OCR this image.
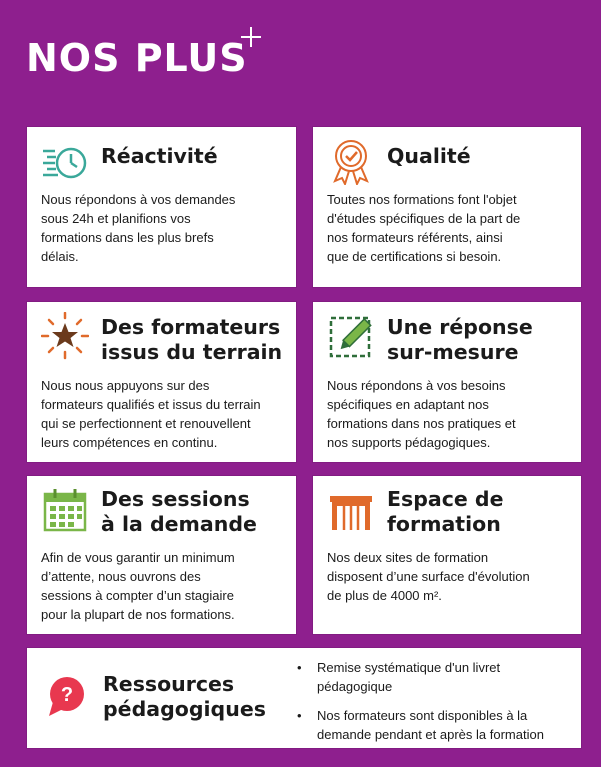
NOS PLUS
Réactivité
Nous répondons à vos demandes
sous 24h et planifions vos
formations dans les plus brefs
délais.
Qualité
Toutes nos formations font l'objet
d'études spécifiques de la part de
nos formateurs référents, ainsi
que de certifications si besoin.
Des formateurs
issus du terrain
Nous nous appuyons sur des
formateurs qualifiés et issus du terrain
qui se perfectionnent et renouvellent
leurs compétences en continu.
Une réponse
sur-mesure
Nous répondons à vos besoins
spécifiques en adaptant nos
formations dans nos pratiques et
nos supports pédagogiques.
Des sessions
à la demande
Afin de vous garantir un minimum
d’attente, nous ouvrons des
sessions à compter d’un stagiaire
pour la plupart de nos formations.
Espace de
formation
Nos deux sites de formation
disposent d’une surface d'évolution
de plus de 4000 m².
? Ressources
pédagogiques
• Remise systématique d'un livret
pédagogique
• Nos formateurs sont disponibles à la
demande pendant et après la formation
